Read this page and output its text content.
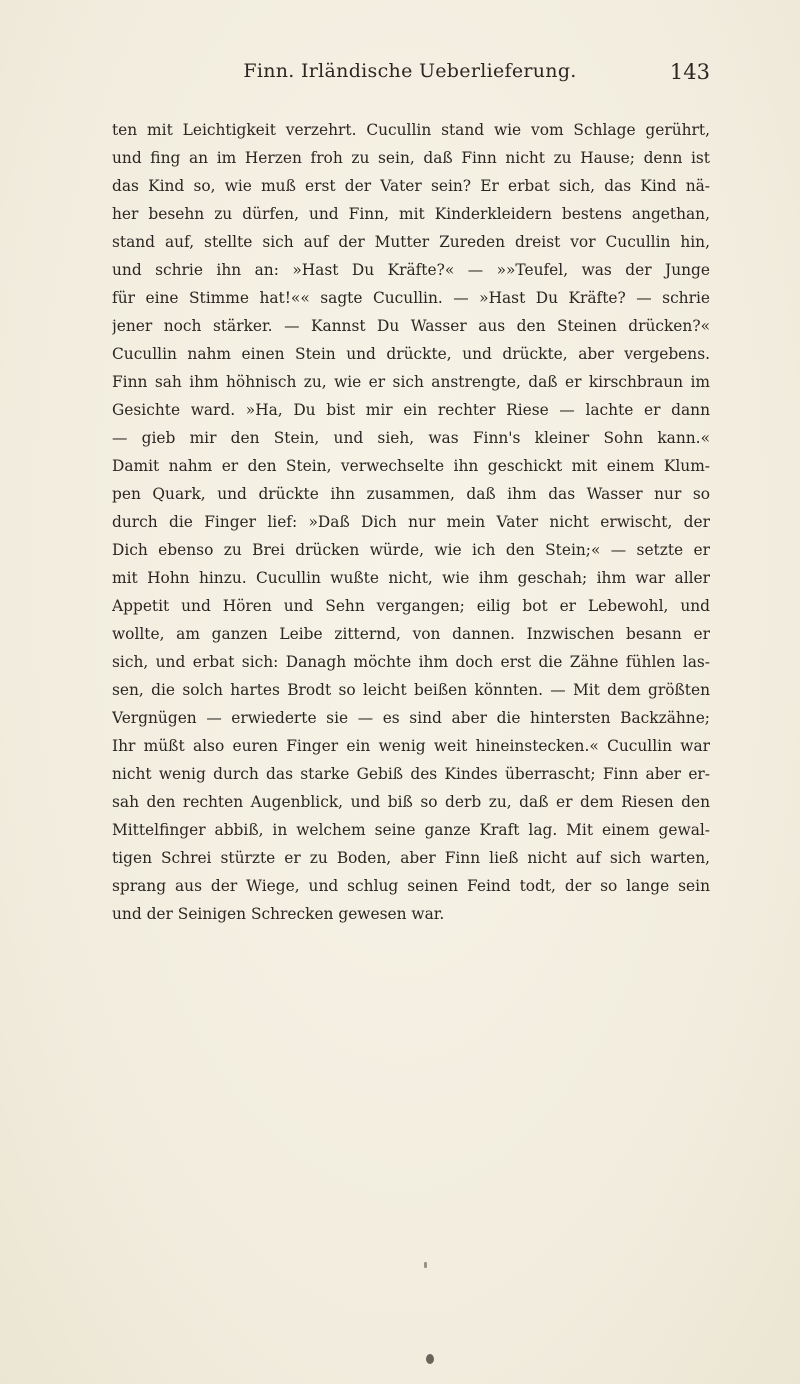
Finn. Irländische Ueberlieferung.	143
ten mit Leichtigkeit verzehrt. Cucullin stand wie vom Schlage gerührt,
und fing an im Herzen froh zu sein, daß Finn nicht zu Hause; denn ist
das Kind so, wie muß erst der Vater sein? Er erbat sich, das Kind nä-
her besehn zu dürfen, und Finn, mit Kinderkleidern bestens angethan,
stand auf, stellte sich auf der Mutter Zureden dreist vor Cucullin hin,
und schrie ihn an: »Hast Du Kräfte?« — »»Teufel, was der Junge
für eine Stimme hat!«« sagte Cucullin. — »Hast Du Kräfte? — schrie
jener noch stärker. — Kannst Du Wasser aus den Steinen drücken?«
Cucullin nahm einen Stein und drückte, und drückte, aber vergebens.
Finn sah ihm höhnisch zu, wie er sich anstrengte, daß er kirschbraun im
Gesichte ward. »Ha, Du bist mir ein rechter Riese — lachte er dann
— gieb mir den Stein, und sieh, was Finn's kleiner Sohn kann.«
Damit nahm er den Stein, verwechselte ihn geschickt mit einem Klum-
pen Quark, und drückte ihn zusammen, daß ihm das Wasser nur so
durch die Finger lief: »Daß Dich nur mein Vater nicht erwischt, der
Dich ebenso zu Brei drücken würde, wie ich den Stein;« — setzte er
mit Hohn hinzu. Cucullin wußte nicht, wie ihm geschah; ihm war aller
Appetit und Hören und Sehn vergangen; eilig bot er Lebewohl, und
wollte, am ganzen Leibe zitternd, von dannen. Inzwischen besann er
sich, und erbat sich: Danagh möchte ihm doch erst die Zähne fühlen las-
sen, die solch hartes Brodt so leicht beißen könnten. — Mit dem größten
Vergnügen — erwiederte sie — es sind aber die hintersten Backzähne;
Ihr müßt also euren Finger ein wenig weit hineinstecken.« Cucullin war
nicht wenig durch das starke Gebiß des Kindes überrascht; Finn aber er-
sah den rechten Augenblick, und biß so derb zu, daß er dem Riesen den
Mittelfinger abbiß, in welchem seine ganze Kraft lag. Mit einem gewal-
tigen Schrei stürzte er zu Boden, aber Finn ließ nicht auf sich warten,
sprang aus der Wiege, und schlug seinen Feind todt, der so lange sein
und der Seinigen Schrecken gewesen war.
